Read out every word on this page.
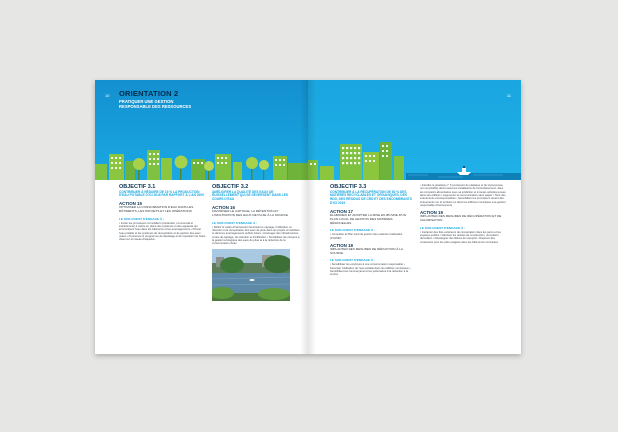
10 ORIENTATION 2
PRATIQUER UNE GESTION
RESPONSABLE DES RESSOURCES
OBJECTIF 3.1
CONTRIBUER À RÉDUIRE DE 15 % LA PRODUCTION D'EAU POTABLE D'ICI 2016 PAR RAPPORT À L'AN 2000
ACTION 15
OPTIMISER LA CONSOMMATION D'EAU DANS LES BÂTIMENTS, LES PROJETS ET LES OPÉRATIONS
LE SUD-OUEST S'ENGAGE À :
• Inciter les promoteurs immobiliers (résidentiel, commercial et institutionnel) à mettre en place des systèmes et des appareils qui économisent l'eau dans les bâtiments et les aménagements • Prévoir l'eau potable et les systèmes de récupération et de gestion des eaux usées • Poursuivre le programme de dépistage et de réparation de fuites d'eau sur le réseau d'aqueduc
OBJECTIF 3.2
AMÉLIORER LA QUALITÉ DES EAUX DE RUISSELLEMENT QUI SE DÉVERSENT DANS LES COURS D'EAU
ACTION 16
FAVORISER LE CAPTAGE, LA RÉTENTION ET L'INFILTRATION DES EAUX DE PLUIE À LA SOURCE
LE SUD-OUEST S'ENGAGE À :
• Définir le cadre d'intervention favorisant le captage, l'infiltration, la rétention et la récupération des eaux de pluie dans les projets immobiliers et dans les aménagements publics futurs • Aménager des infrastructures vertes de captage, de rétention et d'infiltration • Sensibiliser les citoyens à la gestion écologique des eaux de pluie et à la réduction de la consommation d'eau
11
OBJECTIF 3.3
CONTRIBUER À LA RÉCUPÉRATION DE 80 % DES MATIÈRES RECYCLABLES ET ORGANIQUES, DES RDD, DES RÉSIDUS DE CRD ET DES ENCOMBRANTS D'ICI 2019
ACTION 17
ÉLABORER ET ADOPTER LA MISE EN ŒUVRE D'UN PLAN LOCAL DE GESTION DES MATIÈRES RÉSIDUELLES
LE SUD-OUEST S'ENGAGE À :
• Compléter le Plan local de gestion des matières résiduelles (PLGMR)
ACTION 18
IMPLANTER DES MESURES DE RÉDUCTION À LA SOURCE
LE SUD-OUEST S'ENGAGE À :
• Sensibiliser les employés à une consommation responsable • Favoriser l'utilisation de l'eau potable dans les édifices municipaux • Sensibiliser les commerçants et les partenaires à la réduction à la source
• Interdire le plastique n° 6 (contenant de plastique et de styromousse non recyclable) dans toutes les installations de l'arrondissement, dans les comptoirs alimentaires sous sa juridiction et à toutes activités tenues dans ses édifices • Augmenter la communication sans papier • Tenir des événements écoresponsables • Sensibiliser les promoteurs tenant des événements sur le territoire ou dans les édifices municipaux à la gestion responsable d'événements
ACTION 19
IMPLANTER DES MESURES DE RÉCUPÉRATION ET DE VALORISATION
LE SUD-OUEST S'ENGAGE À :
• Implanter des îlots extérieurs de récupération dans les parcs et les espaces publics • Valoriser les résidus de construction, rénovation, démolition • Développer des filières de réemploi • Disposer des contenants pour les piles usagées dans les bâtiments municipaux
